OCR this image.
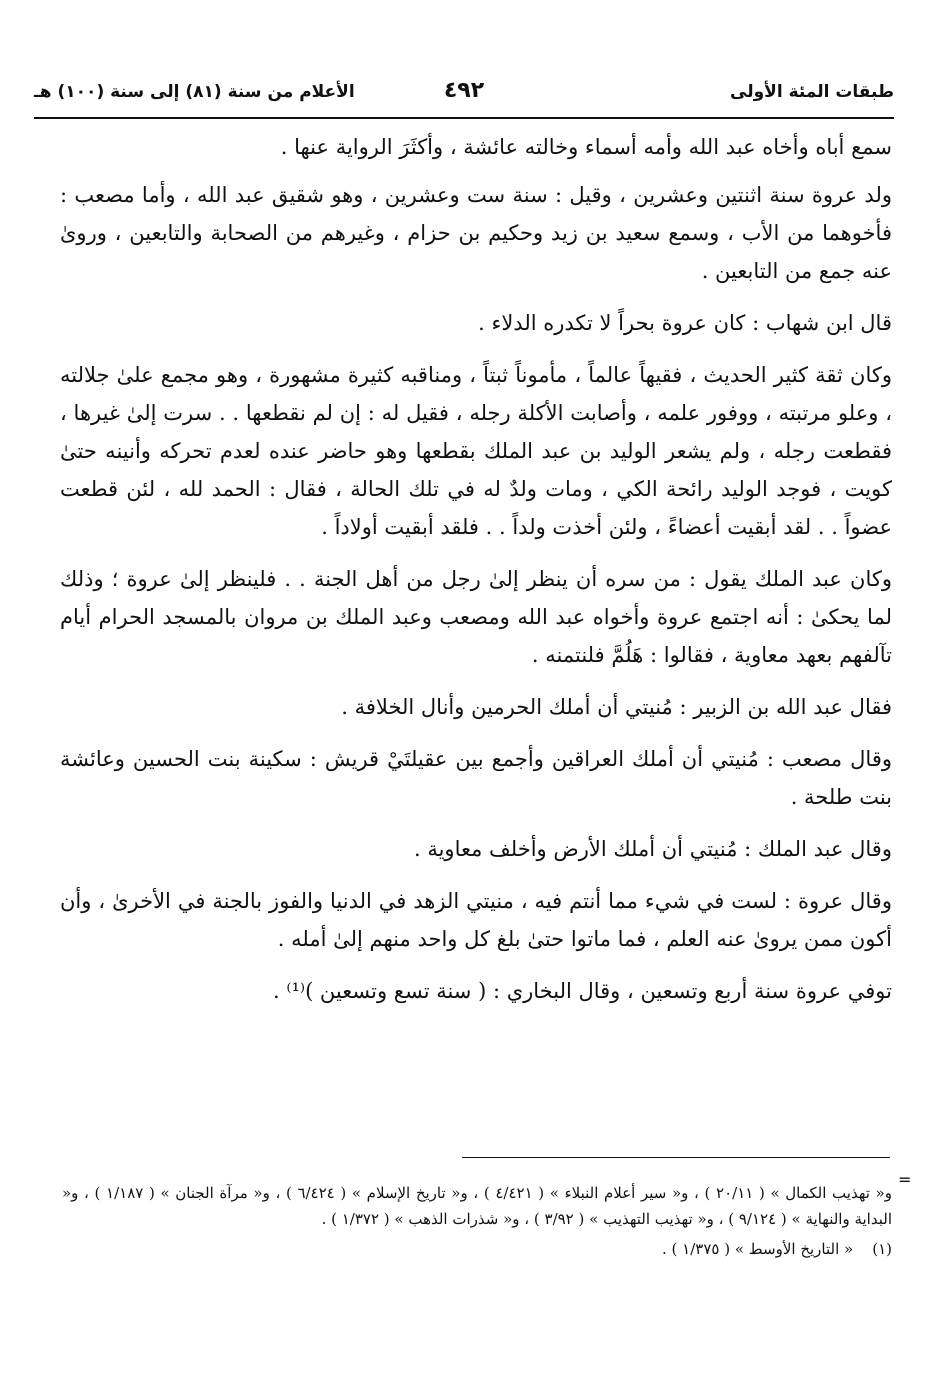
طبقات المئة الأولى
٤٩٢
الأعلام من سنة (٨١) إلى سنة (١٠٠) هـ

سمع أباه وأخاه عبد الله وأمه أسماء وخالته عائشة ، وأكثَرَ الرواية عنها .

ولد عروة سنة اثنتين وعشرين ، وقيل : سنة ست وعشرين ، وهو شقيق عبد الله ، وأما مصعب : فأخوهما من الأب ، وسمع سعيد بن زيد وحكيم بن حزام ، وغيرهم من الصحابة والتابعين ، وروىٰ عنه جمع من التابعين .

قال ابن شهاب : كان عروة بحراً لا تكدره الدلاء .

وكان ثقة كثير الحديث ، فقيهاً عالماً ، مأموناً ثبتاً ، ومناقبه كثيرة مشهورة ، وهو مجمع علىٰ جلالته ، وعلو مرتبته ، ووفور علمه ، وأصابت الأكلة رجله ، فقيل له : إن لم نقطعها . . سرت إلىٰ غيرها ، فقطعت رجله ، ولم يشعر الوليد بن عبد الملك بقطعها وهو حاضر عنده لعدم تحركه وأنينه حتىٰ كويت ، فوجد الوليد رائحة الكي ، ومات ولدٌ له في تلك الحالة ، فقال : الحمد لله ، لئن قطعت عضواً . . لقد أبقيت أعضاءً ، ولئن أخذت ولداً . . فلقد أبقيت أولاداً .

وكان عبد الملك يقول : من سره أن ينظر إلىٰ رجل من أهل الجنة . . فلينظر إلىٰ عروة ؛ وذلك لما يحكىٰ : أنه اجتمع عروة وأخواه عبد الله ومصعب وعبد الملك بن مروان بالمسجد الحرام أيام تآلفهم بعهد معاوية ، فقالوا : هَلُمَّ فلنتمنه .

فقال عبد الله بن الزبير : مُنيتي أن أملك الحرمين وأنال الخلافة .

وقال مصعب : مُنيتي أن أملك العراقين وأجمع بين عقيلتَيْ قريش : سكينة بنت الحسين وعائشة بنت طلحة .

وقال عبد الملك : مُنيتي أن أملك الأرض وأخلف معاوية .

وقال عروة : لست في شيء مما أنتم فيه ، منيتي الزهد في الدنيا والفوز بالجنة في الأخرىٰ ، وأن أكون ممن يروىٰ عنه العلم ، فما ماتوا حتىٰ بلغ كل واحد منهم إلىٰ أمله .

توفي عروة سنة أربع وتسعين ، وقال البخاري : ( سنة تسع وتسعين )⁽¹⁾ .

=

و« تهذيب الكمال » ( ٢٠/١١ ) ، و« سير أعلام النبلاء » ( ٤/٤٢١ ) ، و« تاريخ الإسلام » ( ٦/٤٢٤ ) ، و« مرآة الجنان » ( ١/١٨٧ ) ، و« البداية والنهاية » ( ٩/١٢٤ ) ، و« تهذيب التهذيب » ( ٣/٩٢ ) ، و« شذرات الذهب » ( ١/٣٧٢ ) .

(١) « التاريخ الأوسط » ( ١/٣٧٥ ) .
